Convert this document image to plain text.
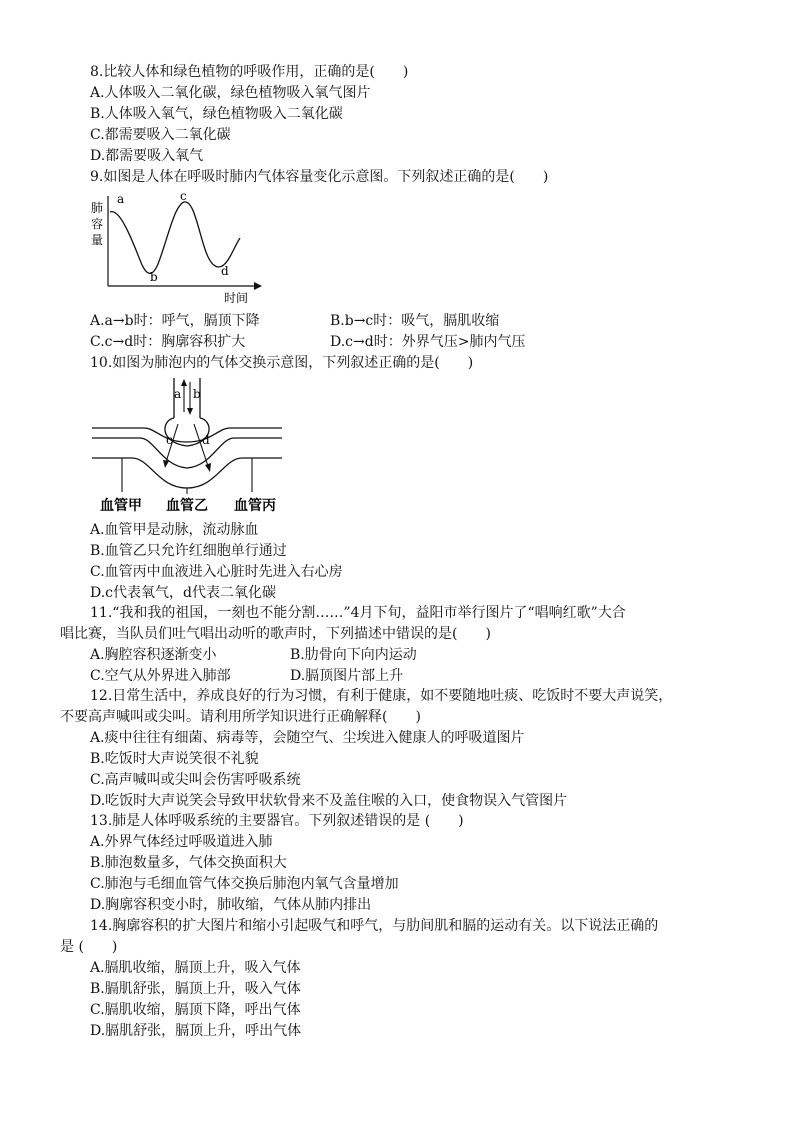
8.比较人体和绿色植物的呼吸作用，正确的是(　　)
A.人体吸入二氧化碳，绿色植物吸入氧气图片
B.人体吸入氧气，绿色植物吸入二氧化碳
C.都需要吸入二氧化碳
D.都需要吸入氧气
9.如图是人体在呼吸时肺内气体容量变化示意图。下列叙述正确的是(　　)
肺
容
量
a
b
c
d
时间
A.a→b时：呼气，膈顶下降	B.b→c时：吸气，膈肌收缩
C.c→d时：胸廓容积扩大	D.c→d时：外界气压>肺内气压
10.如图为肺泡内的气体交换示意图，下列叙述正确的是(　　)
a b
c d
血管甲 血管乙 血管丙
A.血管甲是动脉，流动脉血
B.血管乙只允许红细胞单行通过
C.血管丙中血液进入心脏时先进入右心房
D.c代表氧气，d代表二氧化碳
11.“我和我的祖国，一刻也不能分割……”4月下旬，益阳市举行图片了“唱响红歌”大合
唱比赛，当队员们吐气唱出动听的歌声时，下列描述中错误的是(　　)
A.胸腔容积逐渐变小	B.肋骨向下向内运动
C.空气从外界进入肺部	D.膈顶图片部上升
12.日常生活中，养成良好的行为习惯，有利于健康，如不要随地吐痰、吃饭时不要大声说笑，
不要高声喊叫或尖叫。请利用所学知识进行正确解释(　　)
A.痰中往往有细菌、病毒等，会随空气、尘埃进入健康人的呼吸道图片
B.吃饭时大声说笑很不礼貌
C.高声喊叫或尖叫会伤害呼吸系统
D.吃饭时大声说笑会导致甲状软骨来不及盖住喉的入口，使食物误入气管图片
13.肺是人体呼吸系统的主要器官。下列叙述错误的是 (　　)
A.外界气体经过呼吸道进入肺
B.肺泡数量多，气体交换面积大
C.肺泡与毛细血管气体交换后肺泡内氧气含量增加
D.胸廓容积变小时，肺收缩，气体从肺内排出
14.胸廓容积的扩大图片和缩小引起吸气和呼气，与肋间肌和膈的运动有关。以下说法正确的
是 (　　)
A.膈肌收缩，膈顶上升，吸入气体
B.膈肌舒张，膈顶上升，吸入气体
C.膈肌收缩，膈顶下降，呼出气体
D.膈肌舒张，膈顶上升，呼出气体
